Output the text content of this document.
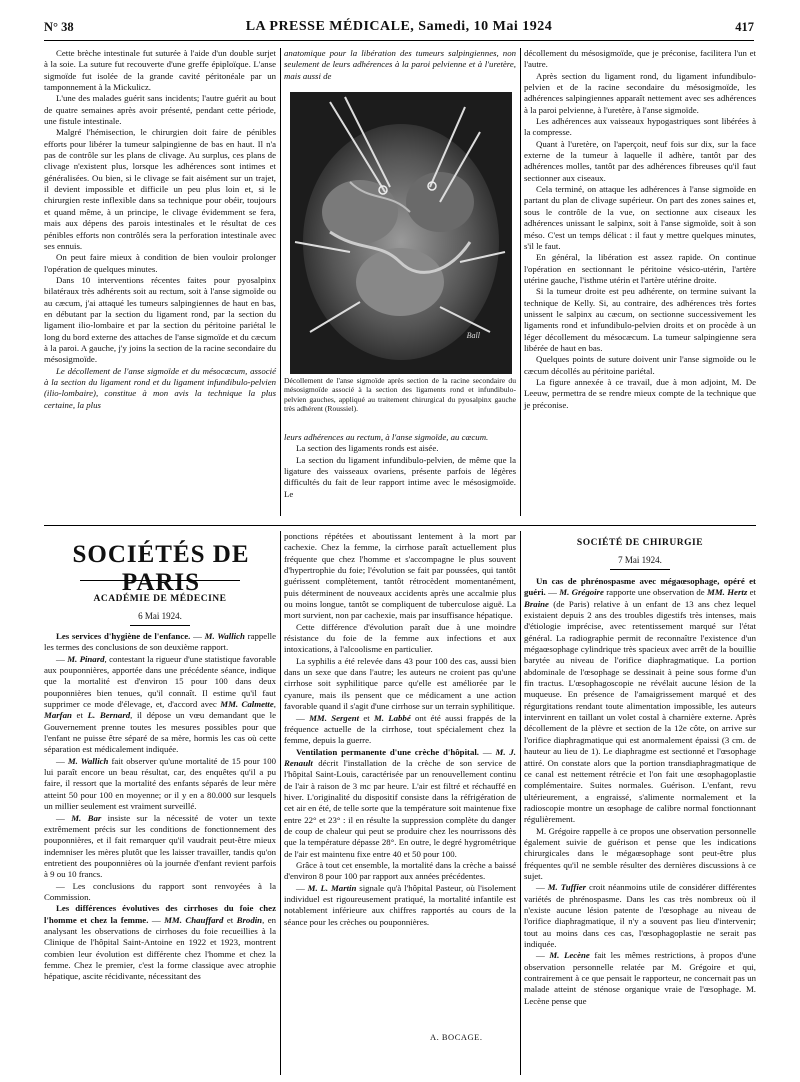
N° 38	LA PRESSE MÉDICALE, Samedi, 10 Mai 1924	417

Cette brèche intestinale fut suturée à l'aide d'un double surjet à la soie. La suture fut recouverte d'une greffe épiploïque. L'anse sigmoïde fut isolée de la grande cavité péritonéale par un tamponnement à la Mickulicz.

L'une des malades guérit sans incidents; l'autre guérit au bout de quatre semaines après avoir présenté, pendant cette période, une fistule intestinale.

Malgré l'hémisection, le chirurgien doit faire de pénibles efforts pour libérer la tumeur salpingienne de bas en haut. Il n'a pas de contrôle sur les plans de clivage. Au surplus, ces plans de clivage n'existent plus, lorsque les adhérences sont intimes et généralisées. Ou bien, si le clivage se fait aisément sur un trajet, il devient impossible et difficile un peu plus loin et, si le chirurgien reste inflexible dans sa technique pour obéir, toujours et quand même, à un principe, le clivage évidemment se fera, mais aux dépens des parois intestinales et le résultat de ces pénibles efforts non contrôlés sera la perforation intestinale avec ses ennuis.

On peut faire mieux à condition de bien vouloir prolonger l'opération de quelques minutes.

Dans 10 interventions récentes faites pour pyosalpinx bilatéraux très adhérents soit au rectum, soit à l'anse sigmoïde ou au cæcum, j'ai attaqué les tumeurs salpingiennes de haut en bas, en débutant par la section du ligament rond, par la section du ligament ilio-lombaire et par la section du péritoine pariétal le long du bord externe des attaches de l'anse sigmoïde et du cæcum à la paroi. A gauche, j'y joins la section de la racine secondaire du mésosigmoïde.

Le décollement de l'anse sigmoïde et du mésocæcum, associé à la section du ligament rond et du ligament infundibulo-pelvien (ilio-lombaire), constitue à mon avis la technique la plus certaine, la plus

anatomique pour la libération des tumeurs salpingiennes, non seulement de leurs adhérences à la paroi pelvienne et à l'uretère, mais aussi de

Ball
Décollement de l'anse sigmoïde après section de la racine secondaire du mésosigmoïde associé à la section des ligaments rond et infundibulo-pelvien gauches, appliqué au traitement chirurgical du pyosalpinx gauche très adhérent (Roussiel).

leurs adhérences au rectum, à l'anse sigmoïde, au cæcum.

La section des ligaments ronds est aisée.

La section du ligament infundibulo-pelvien, de même que la ligature des vaisseaux ovariens, présente parfois de légères difficultés du fait de leur rapport intime avec le mésosigmoïde. Le

décollement du mésosigmoïde, que je préconise, facilitera l'un et l'autre.

Après section du ligament rond, du ligament infundibulo-pelvien et de la racine secondaire du mésosigmoïde, les adhérences salpingiennes apparaît nettement avec ses adhérences à la paroi pelvienne, à l'uretère, à l'anse sigmoïde.

Les adhérences aux vaisseaux hypogastriques sont libérées à la compresse.

Quant à l'uretère, on l'aperçoit, neuf fois sur dix, sur la face externe de la tumeur à laquelle il adhère, tantôt par des adhérences molles, tantôt par des adhérences fibreuses qu'il faut sectionner aux ciseaux.

Cela terminé, on attaque les adhérences à l'anse sigmoïde en partant du plan de clivage supérieur. On part des zones saines et, sous le contrôle de la vue, on sectionne aux ciseaux les adhérences unissant le salpinx, soit à l'anse sigmoïde, soit à son méso. C'est un temps délicat : il faut y mettre quelques minutes, s'il le faut.

En général, la libération est assez rapide. On continue l'opération en sectionnant le péritoine vésico-utérin, l'artère utérine gauche, l'isthme utérin et l'artère utérine droite.

Si la tumeur droite est peu adhérente, on termine suivant la technique de Kelly. Si, au contraire, des adhérences très fortes unissent le salpinx au cæcum, on sectionne successivement les ligaments rond et infundibulo-pelvien droits et on procède à un léger décollement du mésocæcum. La tumeur salpingienne sera libérée de haut en bas.

Quelques points de suture doivent unir l'anse sigmoïde ou le cæcum décollés au péritoine pariétal.

La figure annexée à ce travail, due à mon adjoint, M. De Leeuw, permettra de se rendre mieux compte de la technique que je préconise.

SOCIÉTÉS DE PARIS
ACADÉMIE DE MÉDECINE
6 Mai 1924.

Les services d'hygiène de l'enfance. — M. Wallich rappelle les termes des conclusions de son deuxième rapport.

— M. Pinard, contestant la rigueur d'une statistique favorable aux pouponnières, apportée dans une précédente séance, indique que la mortalité est d'environ 15 pour 100 dans deux pouponnières bien tenues, qu'il connaît. Il estime qu'il faut supprimer ce mode d'élevage, et, d'accord avec MM. Calmette, Marfan et L. Bernard, il dépose un vœu demandant que le Gouvernement prenne toutes les mesures possibles pour que l'enfant ne puisse être séparé de sa mère, hormis les cas où cette séparation est médicalement indiquée.

— M. Wallich fait observer qu'une mortalité de 15 pour 100 lui paraît encore un beau résultat, car, des enquêtes qu'il a pu faire, il ressort que la mortalité des enfants séparés de leur mère atteint 50 pour 100 en moyenne; or il y en a 80.000 sur lesquels un millier seulement est vraiment surveillé.

— M. Bar insiste sur la nécessité de voter un texte extrêmement précis sur les conditions de fonctionnement des pouponnières, et il fait remarquer qu'il vaudrait peut-être mieux indemniser les mères plutôt que les laisser travailler, tandis qu'on entretient des pouponnières où la journée d'enfant revient parfois à 9 ou 10 francs.

— Les conclusions du rapport sont renvoyées à la Commission.

Les différences évolutives des cirrhoses du foie chez l'homme et chez la femme. — MM. Chauffard et Brodin, en analysant les observations de cirrhoses du foie recueillies à la Clinique de l'hôpital Saint-Antoine en 1922 et 1923, montrent combien leur évolution est différente chez l'homme et chez la femme. Chez le premier, c'est la forme classique avec atrophie hépatique, ascite récidivante, nécessitant des

ponctions répétées et aboutissant lentement à la mort par cachexie. Chez la femme, la cirrhose paraît actuellement plus fréquente que chez l'homme et s'accompagne le plus souvent d'hypertrophie du foie; l'évolution se fait par poussées, qui tantôt guérissent complètement, tantôt rétrocèdent momentanément, puis déterminent de nouveaux accidents après une accalmie plus ou moins longue, tantôt se compliquent de tuberculose aiguë. La mort survient, non par cachexie, mais par insuffisance hépatique.

Cette différence d'évolution paraît due à une moindre résistance du foie de la femme aux infections et aux intoxications, à l'alcoolisme en particulier.

La syphilis a été relevée dans 43 pour 100 des cas, aussi bien dans un sexe que dans l'autre; les auteurs ne croient pas qu'une cirrhose soit syphilitique parce qu'elle est améliorée par le cyanure, mais ils pensent que ce médicament a une action favorable quand il s'agit d'une cirrhose sur un terrain syphilitique.

— MM. Sergent et M. Labbé ont été aussi frappés de la fréquence actuelle de la cirrhose, tout spécialement chez la femme, depuis la guerre.

Ventilation permanente d'une crèche d'hôpital. — M. J. Renault décrit l'installation de la crèche de son service de l'hôpital Saint-Louis, caractérisée par un renouvellement continu de l'air à raison de 3 mc par heure. L'air est filtré et réchauffé en hiver. L'originalité du dispositif consiste dans la réfrigération de cet air en été, de telle sorte que la température soit maintenue fixe entre 22° et 23° : il en résulte la suppression complète du danger de coup de chaleur qui peut se produire chez les nourrissons dès que la température dépasse 28°. En outre, le degré hygrométrique de l'air est maintenu fixe entre 40 et 50 pour 100.

Grâce à tout cet ensemble, la mortalité dans la crèche a baissé d'environ 8 pour 100 par rapport aux années précédentes.

— M. L. Martin signale qu'à l'hôpital Pasteur, où l'isolement individuel est rigoureusement pratiqué, la mortalité infantile est notablement inférieure aux chiffres rapportés au cours de la séance pour les crèches ou pouponnières.

A. BOCAGE.
SOCIÉTÉ DE CHIRURGIE
7 Mai 1924.

Un cas de phrénospasme avec mégaœsophage, opéré et guéri. — M. Grégoire rapporte une observation de MM. Hertz et Braine (de Paris) relative à un enfant de 13 ans chez lequel existaient depuis 2 ans des troubles digestifs très intenses, mais d'étiologie imprécise, avec retentissement marqué sur l'état général. La radiographie permit de reconnaître l'existence d'un mégaœsophage cylindrique très spacieux avec arrêt de la bouillie barytée au niveau de l'orifice diaphragmatique. La portion abdominale de l'œsophage se dessinait à peine sous forme d'un fin tractus. L'œsophagoscopie ne révélait aucune lésion de la muqueuse. En présence de l'amaigrissement marqué et des régurgitations rendant toute alimentation impossible, les auteurs intervinrent en taillant un volet costal à charnière externe. Après décollement de la plèvre et section de la 12e côte, on arrive sur l'orifice diaphragmatique qui est anormalement épaissi (3 cm. de hauteur au lieu de 1). Le diaphragme est sectionné et l'œsophage attiré. On constate alors que la portion transdiaphragmatique de ce canal est nettement rétrécie et l'on fait une œsophagoplastie complémentaire. Suites normales. Guérison. L'enfant, revu ultérieurement, a engraissé, s'alimente normalement et la radioscopie montre un œsophage de calibre normal fonctionnant régulièrement.

M. Grégoire rappelle à ce propos une observation personnelle également suivie de guérison et pense que les indications chirurgicales dans le mégaœsophage sont peut-être plus fréquentes qu'il ne semble résulter des dernières discussions à ce sujet.

— M. Tuffier croit néanmoins utile de considérer différentes variétés de phrénospasme. Dans les cas très nombreux où il n'existe aucune lésion patente de l'œsophage au niveau de l'orifice diaphragmatique, il n'y a souvent pas lieu d'intervenir; tout au moins dans ces cas, l'œsophagoplastie ne serait pas indiquée.

— M. Lecène fait les mêmes restrictions, à propos d'une observation personnelle relatée par M. Grégoire et qui, contrairement à ce que pensait le rapporteur, ne concernait pas un malade atteint de sténose organique vraie de l'œsophage. M. Lecène pense que
